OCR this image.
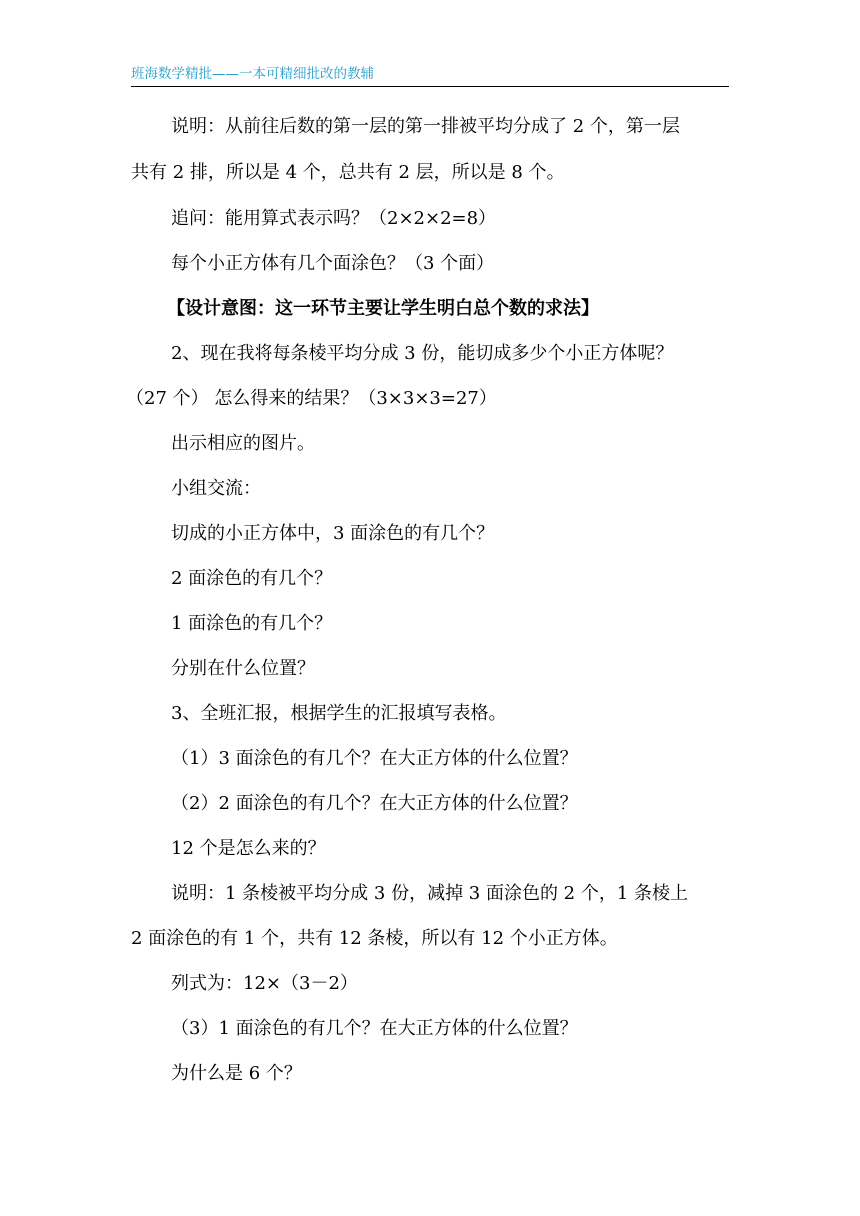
班海数学精批——一本可精细批改的教辅
说明：从前往后数的第一层的第一排被平均分成了 2 个，第一层
共有 2 排，所以是 4 个，总共有 2 层，所以是 8 个。
追问：能用算式表示吗？（2×2×2=8）
每个小正方体有几个面涂色？（3 个面）
【设计意图：这一环节主要让学生明白总个数的求法】
2、现在我将每条棱平均分成 3 份，能切成多少个小正方体呢？
（27 个） 怎么得来的结果？（3×3×3=27）
出示相应的图片。
小组交流：
切成的小正方体中，3 面涂色的有几个？
2 面涂色的有几个？
1 面涂色的有几个？
分别在什么位置？
3、全班汇报，根据学生的汇报填写表格。
（1）3 面涂色的有几个？在大正方体的什么位置？
（2）2 面涂色的有几个？在大正方体的什么位置？
12 个是怎么来的？
说明：1 条棱被平均分成 3 份，减掉 3 面涂色的 2 个，1 条棱上
2 面涂色的有 1 个，共有 12 条棱，所以有 12 个小正方体。
列式为：12×（3－2）
（3）1 面涂色的有几个？在大正方体的什么位置？
为什么是 6 个？
